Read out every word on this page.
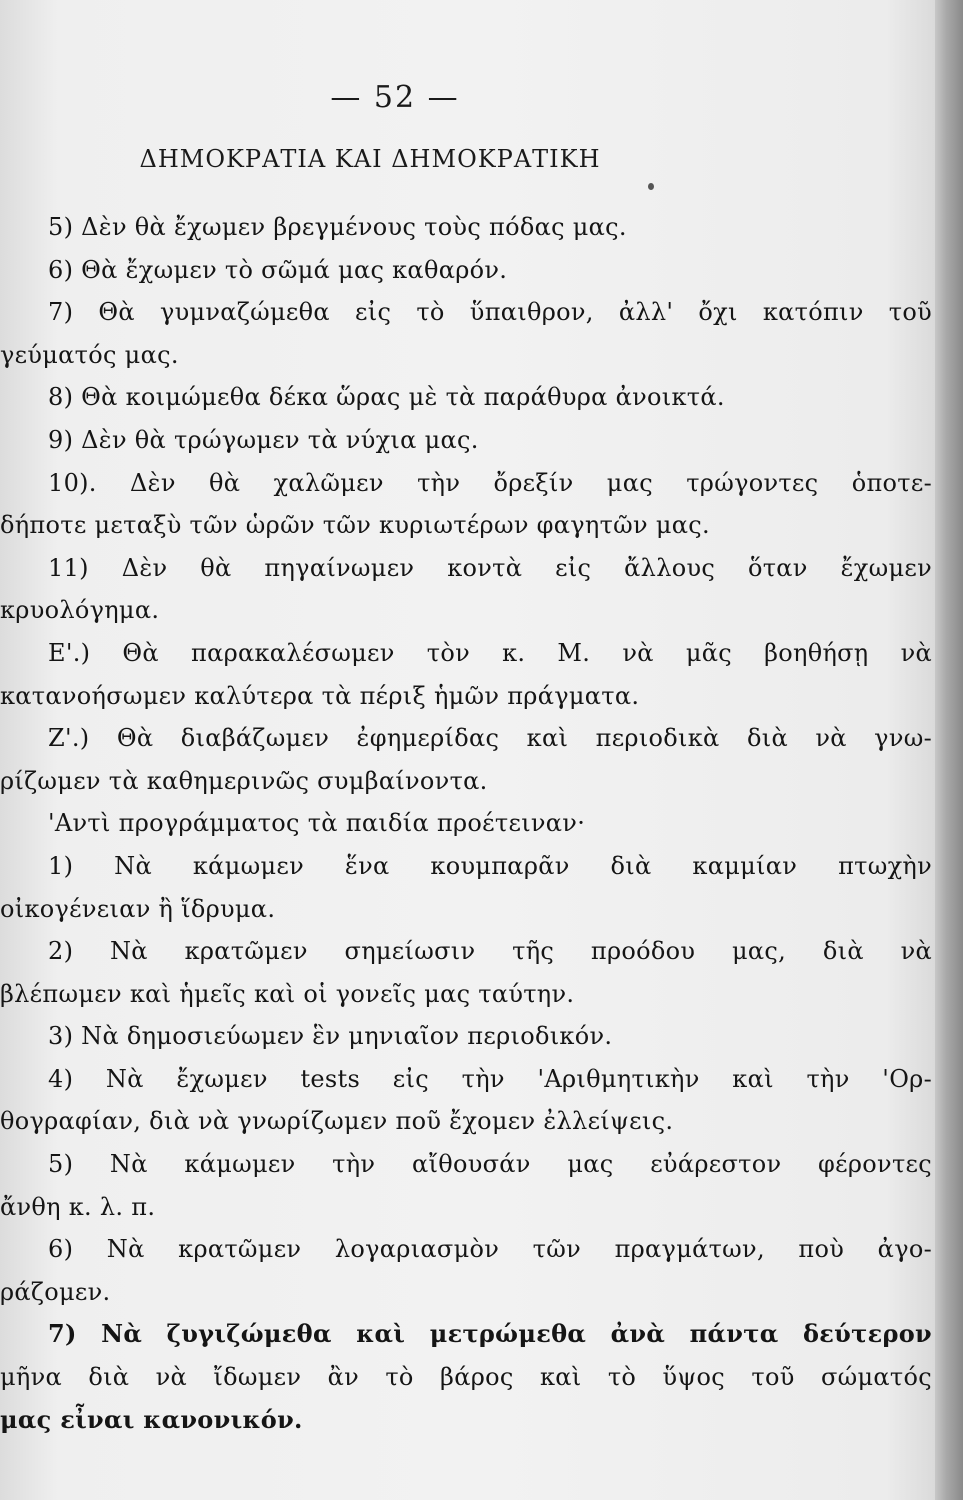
— 52 —
ΔΗΜΟΚΡΑΤΙΑ ΚΑΙ ΔΗΜΟΚΡΑΤΙΚΗ
5) Δὲν θὰ ἔχωμεν βρεγμένους τοὺς πόδας μας.
6) Θὰ ἔχωμεν τὸ σῶμά μας καθαρόν.
7) Θὰ γυμναζώμεθα εἰς τὸ ὕπαιθρον, ἀλλ' ὄχι κατόπιν τοῦ
γεύματός μας.
8) Θὰ κοιμώμεθα δέκα ὥρας μὲ τὰ παράθυρα ἀνοικτά.
9) Δὲν θὰ τρώγωμεν τὰ νύχια μας.
10). Δὲν θὰ χαλῶμεν τὴν ὄρεξίν μας τρώγοντες ὁποτε-
δήποτε μεταξὺ τῶν ὡρῶν τῶν κυριωτέρων φαγητῶν μας.
11) Δὲν θὰ πηγαίνωμεν κοντὰ εἰς ἄλλους ὅταν ἔχωμεν
κρυολόγημα.
Ε'.) Θὰ παρακαλέσωμεν τὸν κ. Μ. νὰ μᾶς βοηθήσῃ νὰ
κατανοήσωμεν καλύτερα τὰ πέριξ ἡμῶν πράγματα.
Ζ'.) Θὰ διαβάζωμεν ἐφημερίδας καὶ περιοδικὰ διὰ νὰ γνω-
ρίζωμεν τὰ καθημερινῶς συμβαίνοντα.
'Αντὶ προγράμματος τὰ παιδία προέτειναν·
1) Νὰ κάμωμεν ἕνα κουμπαρᾶν διὰ καμμίαν πτωχὴν
οἰκογένειαν ἢ ἵδρυμα.
2) Νὰ κρατῶμεν σημείωσιν τῆς προόδου μας, διὰ νὰ
βλέπωμεν καὶ ἡμεῖς καὶ οἱ γονεῖς μας ταύτην.
3) Νὰ δημοσιεύωμεν ἓν μηνιαῖον περιοδικόν.
4) Νὰ ἔχωμεν tests εἰς τὴν 'Αριθμητικὴν καὶ τὴν 'Ορ-
θογραφίαν, διὰ νὰ γνωρίζωμεν ποῦ ἔχομεν ἐλλείψεις.
5) Νὰ κάμωμεν τὴν αἴθουσάν μας εὐάρεστον φέροντες
ἄνθη κ. λ. π.
6) Νὰ κρατῶμεν λογαριασμὸν τῶν πραγμάτων, ποὺ ἀγο-
ράζομεν.
7) Νὰ ζυγιζώμεθα καὶ μετρώμεθα ἀνὰ πάντα δεύτερον
μῆνα διὰ νὰ ἴδωμεν ἂν τὸ βάρος καὶ τὸ ὕψος τοῦ σώματός
μας εἶναι κανονικόν.
